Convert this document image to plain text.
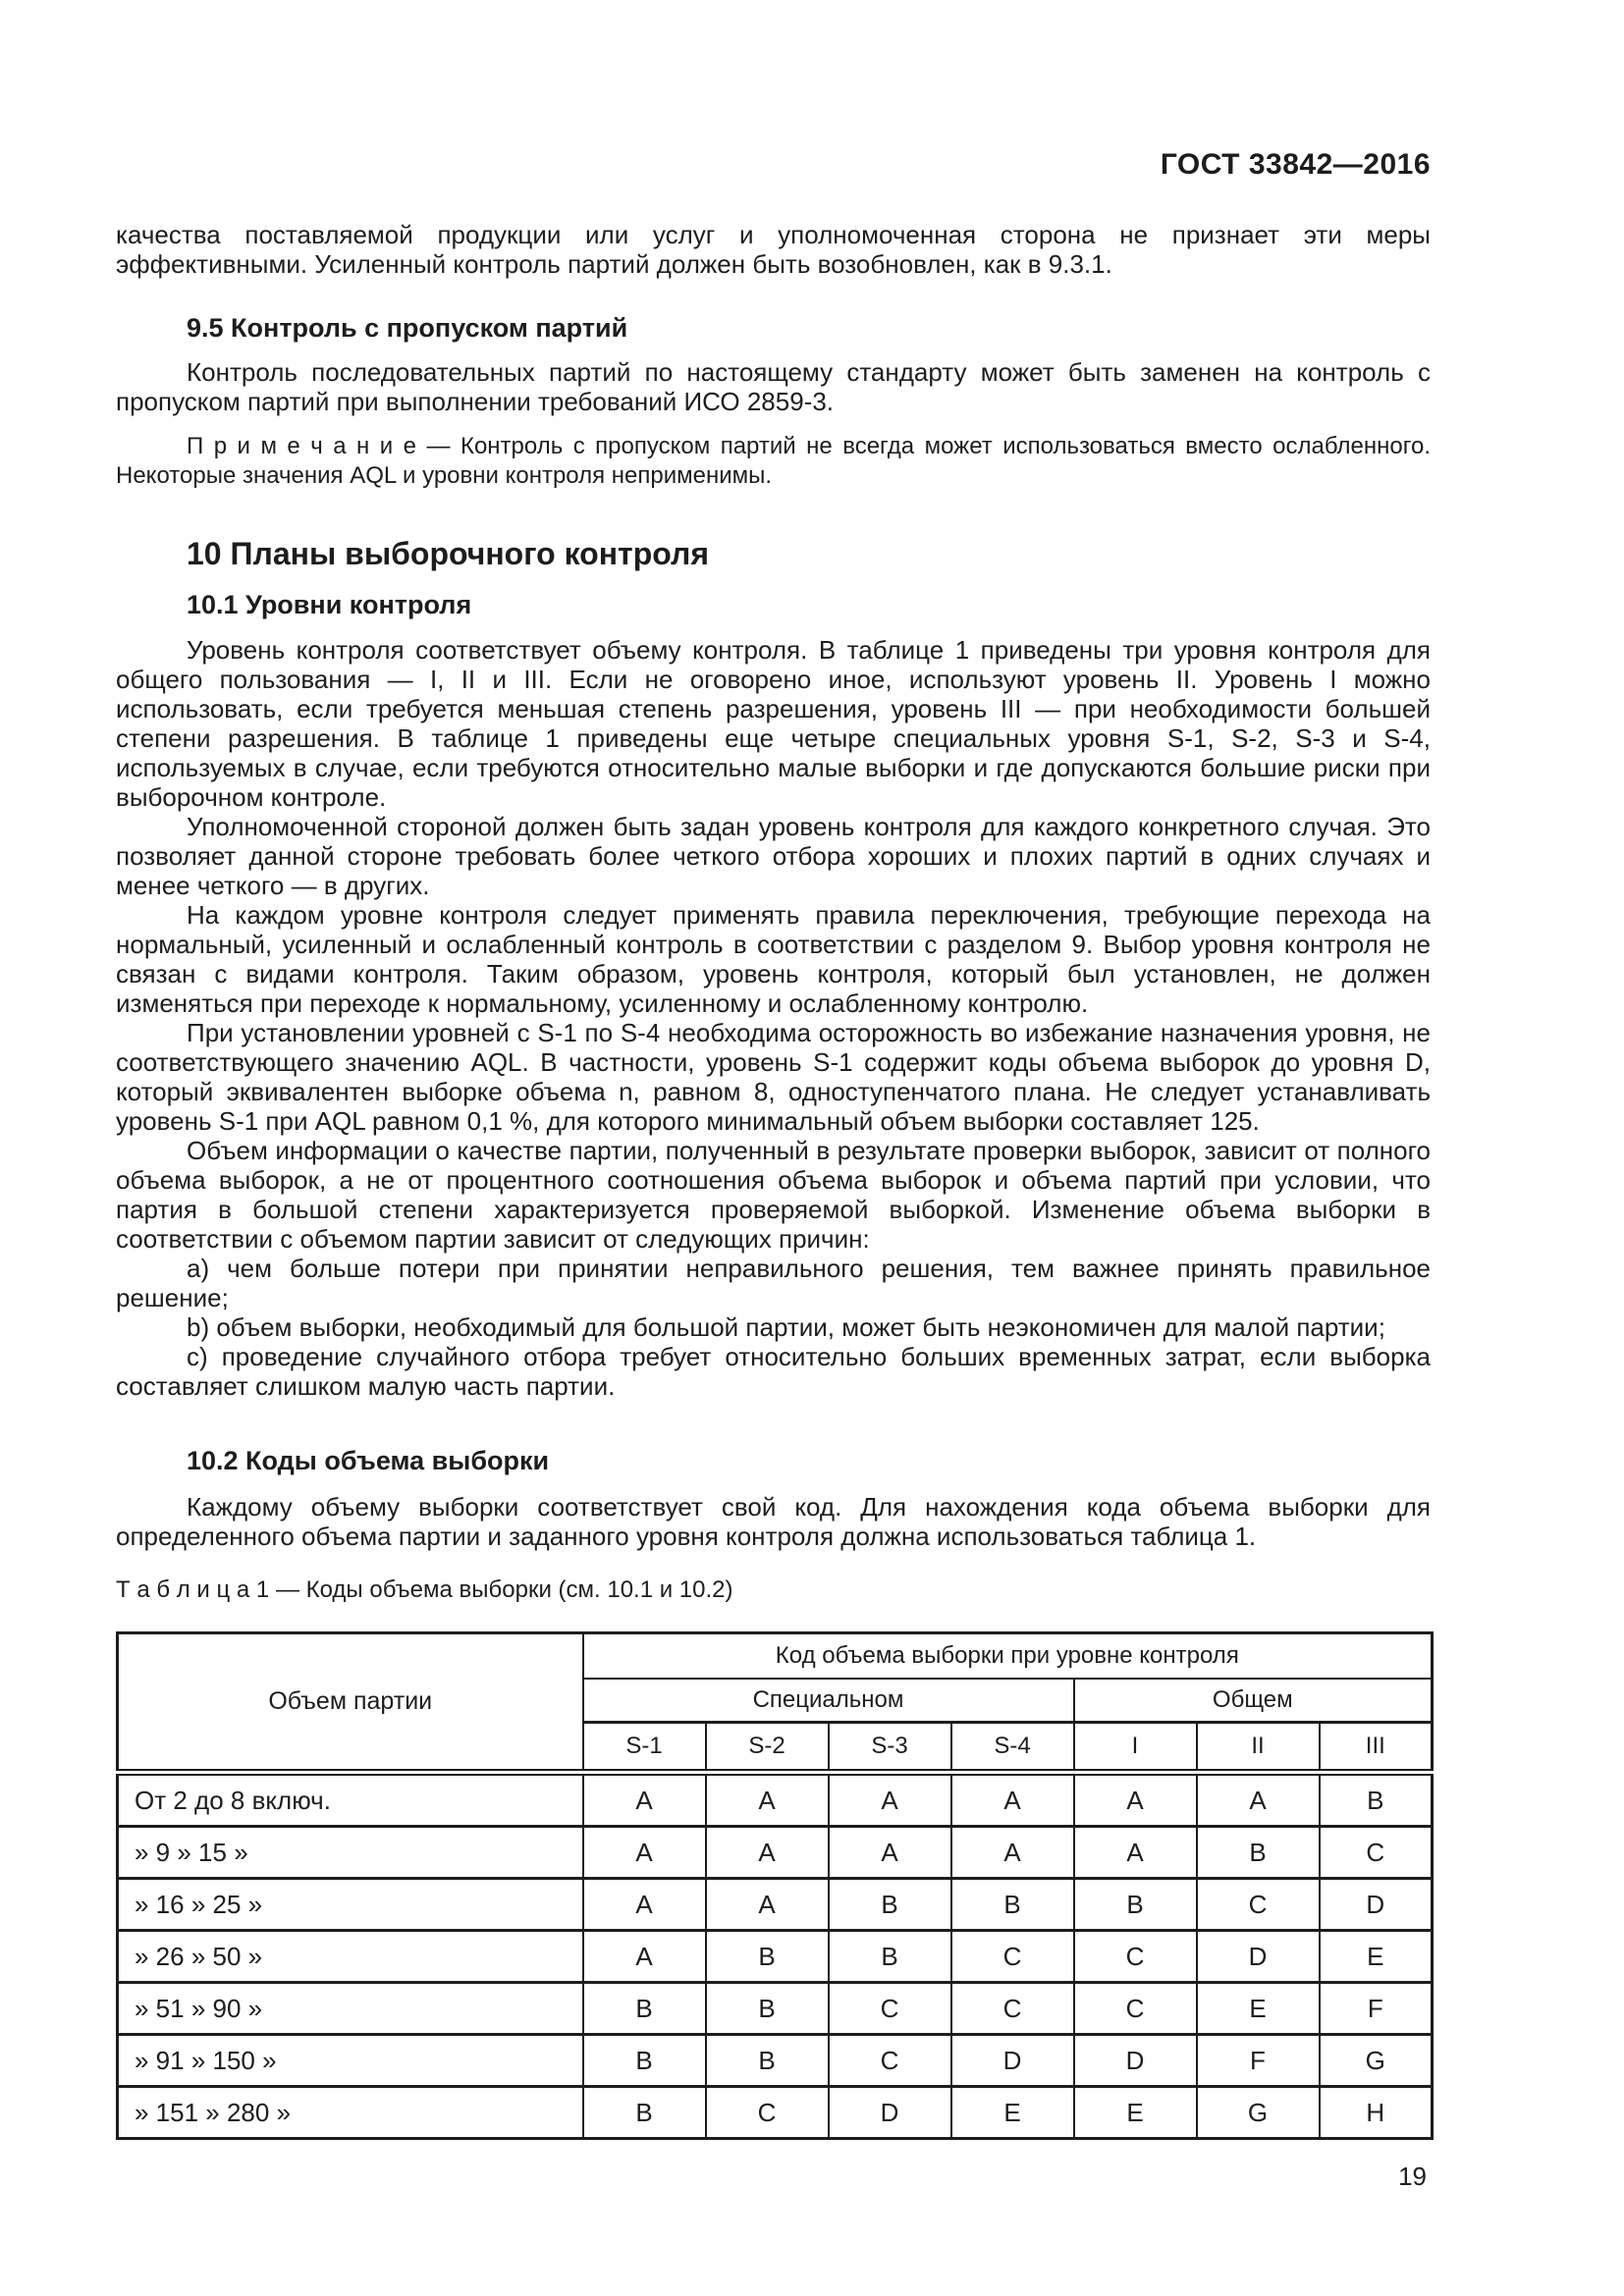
ГОСТ 33842—2016

качества поставляемой продукции или услуг и уполномоченная сторона не признает эти меры эффективными. Усиленный контроль партий должен быть возобновлен, как в 9.3.1.

9.5 Контроль с пропуском партий

Контроль последовательных партий по настоящему стандарту может быть заменен на контроль с пропуском партий при выполнении требований ИСО 2859-3.

П р и м е ч а н и е — Контроль с пропуском партий не всегда может использоваться вместо ослабленного. Некоторые значения AQL и уровни контроля неприменимы.

10 Планы выборочного контроля
10.1 Уровни контроля

Уровень контроля соответствует объему контроля. В таблице 1 приведены три уровня контроля для общего пользования — I, II и III. Если не оговорено иное, используют уровень II. Уровень I можно использовать, если требуется меньшая степень разрешения, уровень III — при необходимости большей степени разрешения. В таблице 1 приведены еще четыре специальных уровня S-1, S-2, S-3 и S-4, используемых в случае, если требуются относительно малые выборки и где допускаются большие риски при выборочном контроле.

Уполномоченной стороной должен быть задан уровень контроля для каждого конкретного случая. Это позволяет данной стороне требовать более четкого отбора хороших и плохих партий в одних случаях и менее четкого — в других.

На каждом уровне контроля следует применять правила переключения, требующие перехода на нормальный, усиленный и ослабленный контроль в соответствии с разделом 9. Выбор уровня контроля не связан с видами контроля. Таким образом, уровень контроля, который был установлен, не должен изменяться при переходе к нормальному, усиленному и ослабленному контролю.

При установлении уровней с S-1 по S-4 необходима осторожность во избежание назначения уровня, не соответствующего значению AQL. В частности, уровень S-1 содержит коды объема выборок до уровня D, который эквивалентен выборке объема n, равном 8, одноступенчатого плана. Не следует устанавливать уровень S-1 при AQL равном 0,1 %, для которого минимальный объем выборки составляет 125.

Объем информации о качестве партии, полученный в результате проверки выборок, зависит от полного объема выборок, а не от процентного соотношения объема выборок и объема партий при условии, что партия в большой степени характеризуется проверяемой выборкой. Изменение объема выборки в соответствии с объемом партии зависит от следующих причин:

a) чем больше потери при принятии неправильного решения, тем важнее принять правильное решение;

b) объем выборки, необходимый для большой партии, может быть неэкономичен для малой партии;

c) проведение случайного отбора требует относительно больших временных затрат, если выборка составляет слишком малую часть партии.

10.2 Коды объема выборки

Каждому объему выборки соответствует свой код. Для нахождения кода объема выборки для определенного объема партии и заданного уровня контроля должна использоваться таблица 1.

Т а б л и ц а 1 — Коды объема выборки (см. 10.1 и 10.2)

Объем партии	Код объема выборки при уровне контроля						
	Специальном				Общем		
	S-1	S-2	S-3	S-4	I	II	III
От 2 до 8 включ.	A	A	A	A	A	A	B
» 9 » 15 »	A	A	A	A	A	B	C
» 16 » 25 »	A	A	B	B	B	C	D
» 26 » 50 »	A	B	B	C	C	D	E
» 51 » 90 »	B	B	C	C	C	E	F
» 91 » 150 »	B	B	C	D	D	F	G
» 151 » 280 »	B	C	D	E	E	G	H
19
